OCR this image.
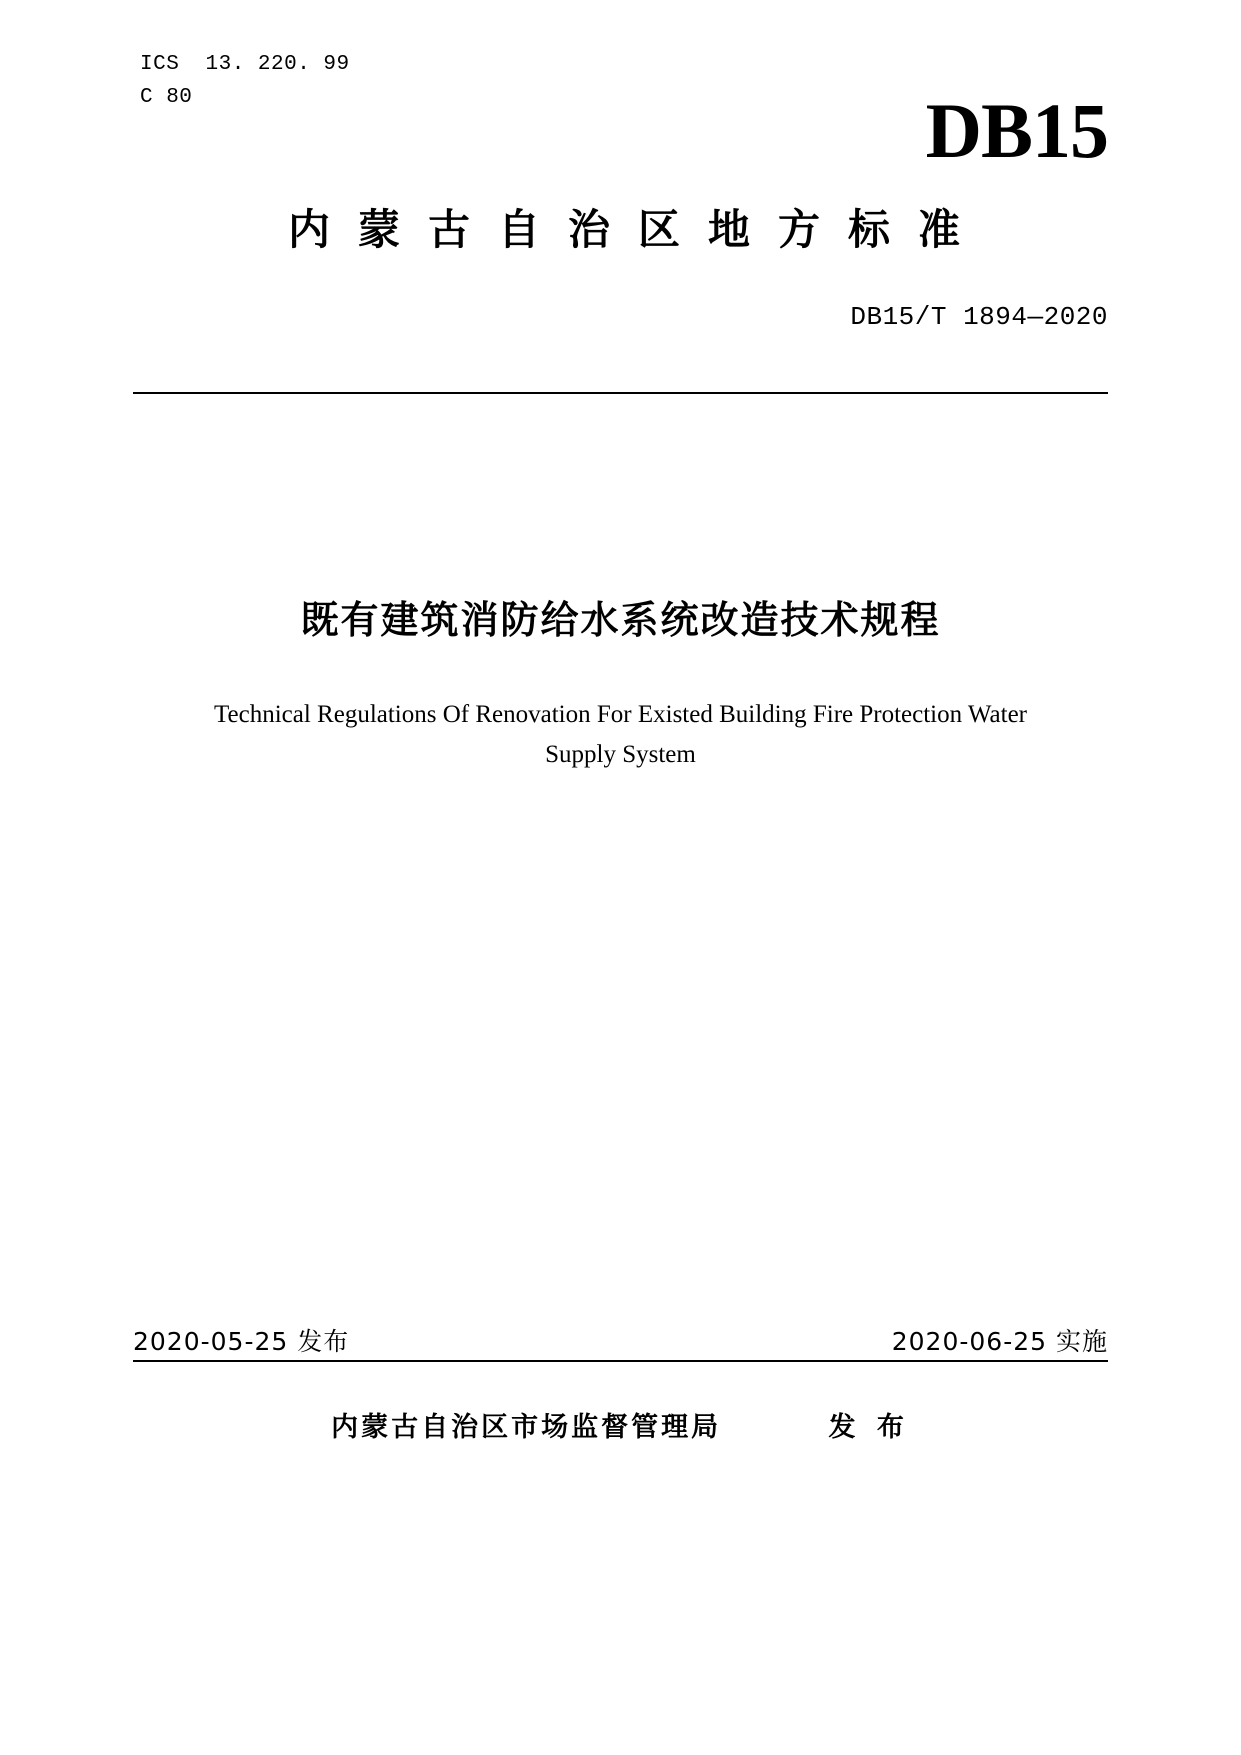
ICS  13. 220. 99
C 80	DB15
内蒙古自治区地方标准
DB15/T 1894—2020
既有建筑消防给水系统改造技术规程
Technical Regulations Of Renovation For Existed Building Fire Protection Water
Supply System
2020-05-25 发布	2020-06-25 实施
内蒙古自治区市场监督管理局	发 布
